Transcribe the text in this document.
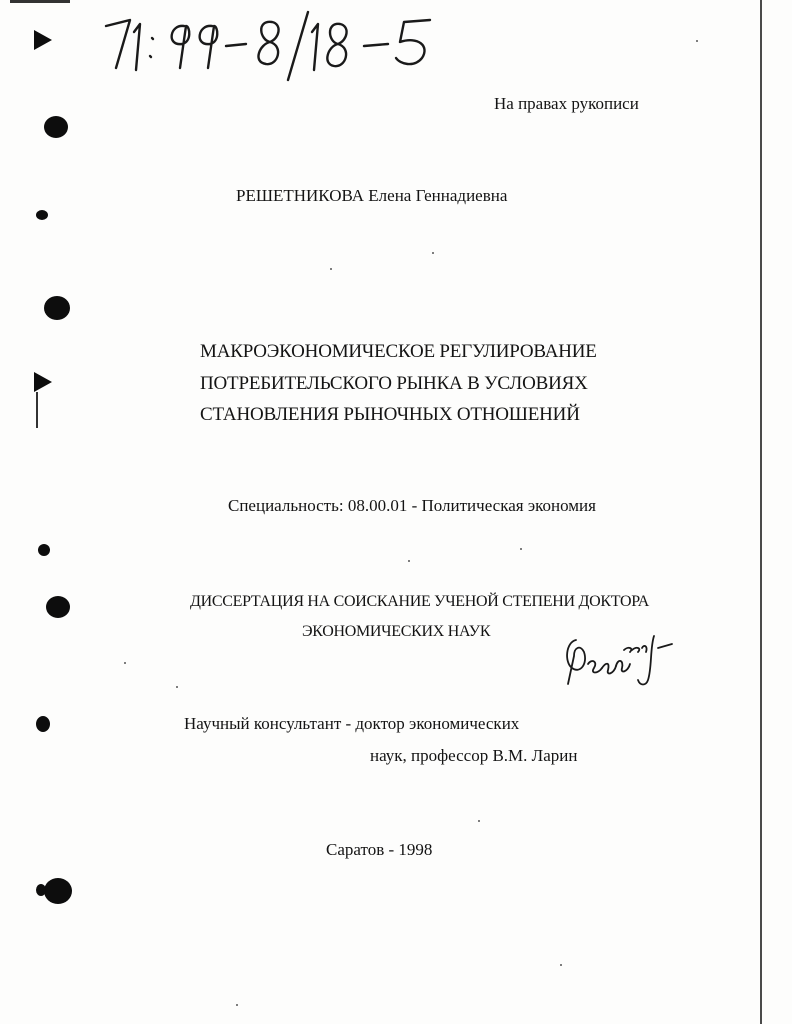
На правах рукописи
РЕШЕТНИКОВА Елена Геннадиевна
МАКРОЭКОНОМИЧЕСКОЕ РЕГУЛИРОВАНИЕ
ПОТРЕБИТЕЛЬСКОГО РЫНКА В УСЛОВИЯХ
СТАНОВЛЕНИЯ РЫНОЧНЫХ ОТНОШЕНИЙ
Специальность: 08.00.01 - Политическая экономия
ДИССЕРТАЦИЯ НА СОИСКАНИЕ УЧЕНОЙ СТЕПЕНИ ДОКТОРА
ЭКОНОМИЧЕСКИХ НАУК
Научный консультант - доктор экономических
наук, профессор В.М. Ларин
Саратов - 1998
